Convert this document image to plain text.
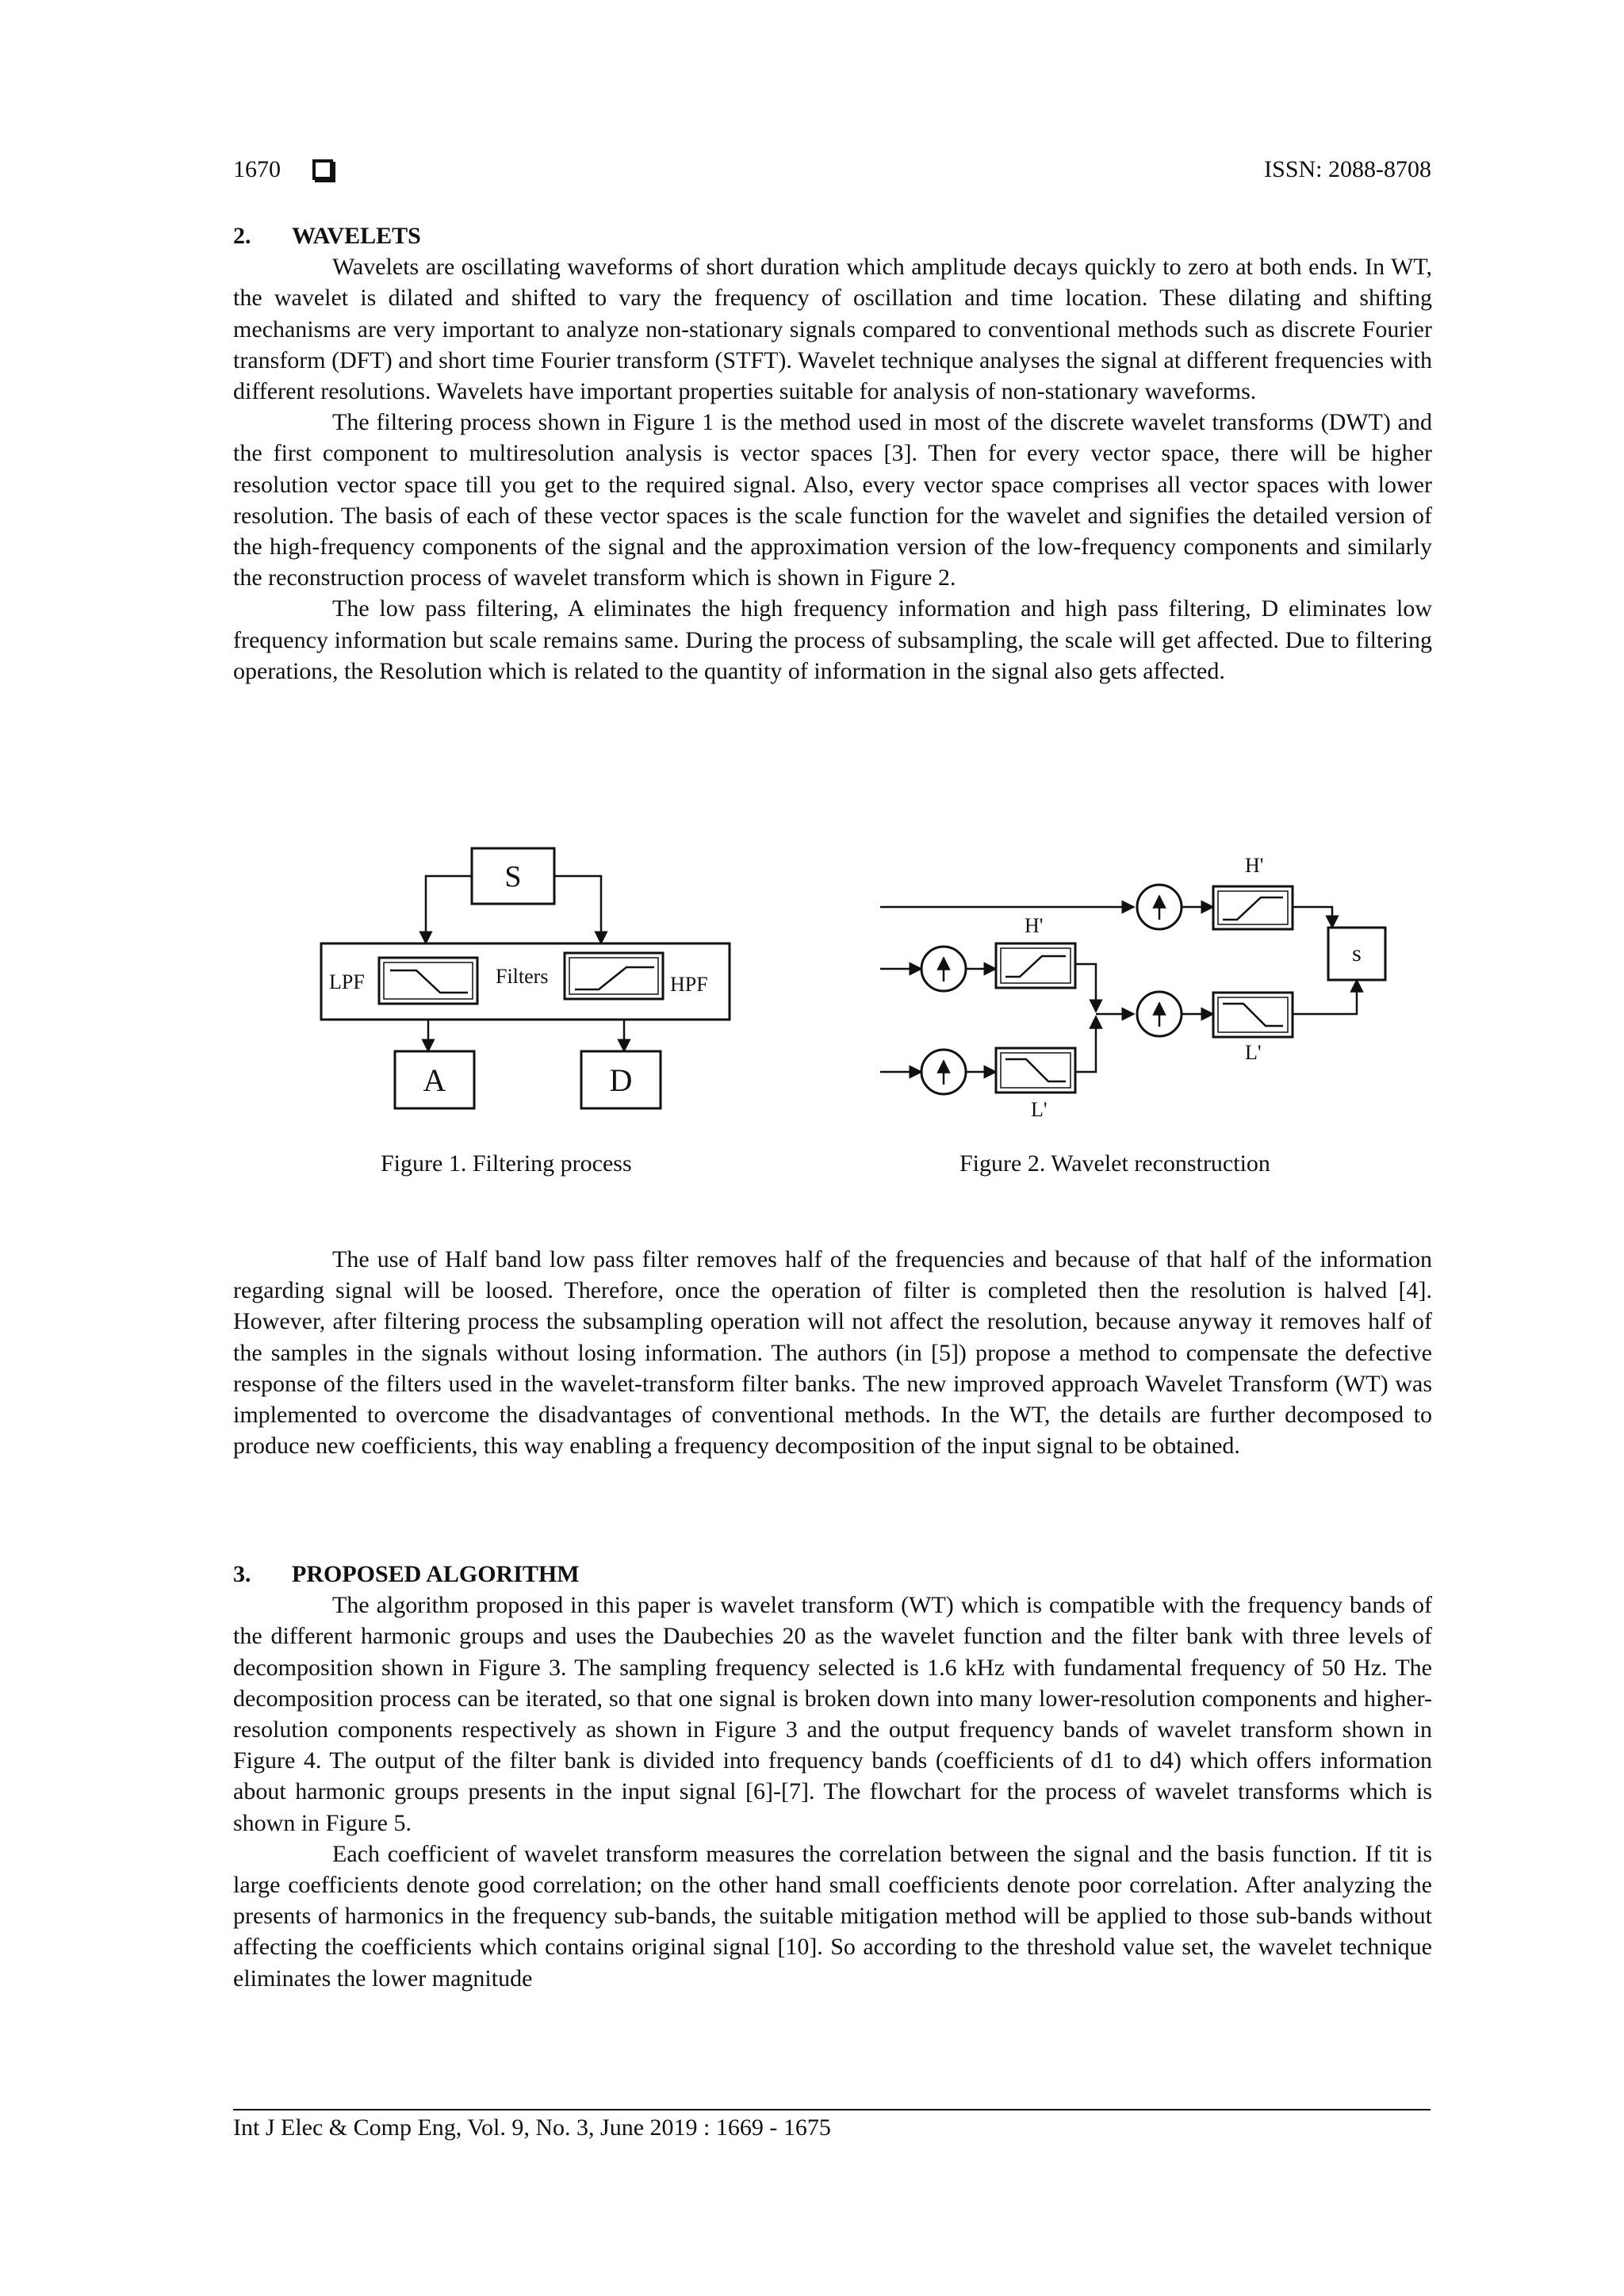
1670	ISSN: 2088-8708
2. WAVELETS

Wavelets are oscillating waveforms of short duration which amplitude decays quickly to zero at both ends. In WT, the wavelet is dilated and shifted to vary the frequency of oscillation and time location. These dilating and shifting mechanisms are very important to analyze non-stationary signals compared to conventional methods such as discrete Fourier transform (DFT) and short time Fourier transform (STFT). Wavelet technique analyses the signal at different frequencies with different resolutions. Wavelets have important properties suitable for analysis of non-stationary waveforms.

The filtering process shown in Figure 1 is the method used in most of the discrete wavelet transforms (DWT) and the first component to multiresolution analysis is vector spaces [3]. Then for every vector space, there will be higher resolution vector space till you get to the required signal. Also, every vector space comprises all vector spaces with lower resolution. The basis of each of these vector spaces is the scale function for the wavelet and signifies the detailed version of the high-frequency components of the signal and the approximation version of the low-frequency components and similarly the reconstruction process of wavelet transform which is shown in Figure 2.

The low pass filtering, A eliminates the high frequency information and high pass filtering, D eliminates low frequency information but scale remains same. During the process of subsampling, the scale will get affected. Due to filtering operations, the Resolution which is related to the quantity of information in the signal also gets affected.

S
LPF	Filters	HPF
A	D
Figure 1. Filtering process
H'
s
H'
L'
L'
Figure 2. Wavelet reconstruction

The use of Half band low pass filter removes half of the frequencies and because of that half of the information regarding signal will be loosed. Therefore, once the operation of filter is completed then the resolution is halved [4]. However, after filtering process the subsampling operation will not affect the resolution, because anyway it removes half of the samples in the signals without losing information. The authors (in [5]) propose a method to compensate the defective response of the filters used in the wavelet-transform filter banks. The new improved approach Wavelet Transform (WT) was implemented to overcome the disadvantages of conventional methods. In the WT, the details are further decomposed to produce new coefficients, this way enabling a frequency decomposition of the input signal to be obtained.

3. PROPOSED ALGORITHM

The algorithm proposed in this paper is wavelet transform (WT) which is compatible with the frequency bands of the different harmonic groups and uses the Daubechies 20 as the wavelet function and the filter bank with three levels of decomposition shown in Figure 3. The sampling frequency selected is 1.6 kHz with fundamental frequency of 50 Hz. The decomposition process can be iterated, so that one signal is broken down into many lower-resolution components and higher-resolution components respectively as shown in Figure 3 and the output frequency bands of wavelet transform shown in Figure 4. The output of the filter bank is divided into frequency bands (coefficients of d1 to d4) which offers information about harmonic groups presents in the input signal [6]-[7]. The flowchart for the process of wavelet transforms which is shown in Figure 5.

Each coefficient of wavelet transform measures the correlation between the signal and the basis function. If tit is large coefficients denote good correlation; on the other hand small coefficients denote poor correlation. After analyzing the presents of harmonics in the frequency sub-bands, the suitable mitigation method will be applied to those sub-bands without affecting the coefficients which contains original signal [10]. So according to the threshold value set, the wavelet technique eliminates the lower magnitude

Int J Elec & Comp Eng, Vol. 9, No. 3, June 2019 : 1669 - 1675
